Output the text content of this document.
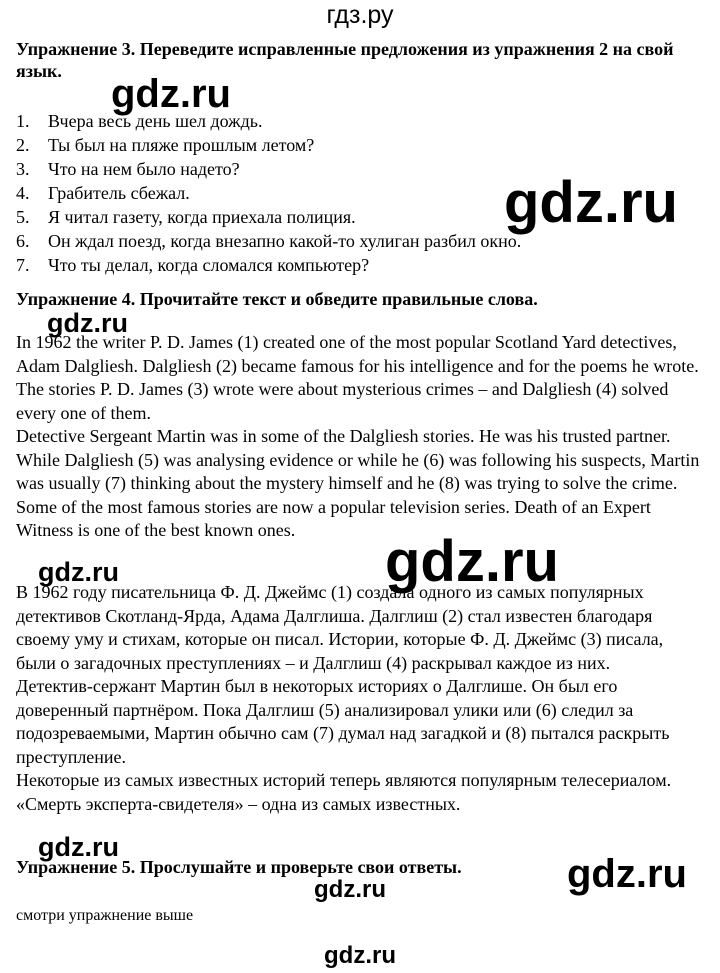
гдз.ру
Упражнение 3. Переведите исправленные предложения из упражнения 2 на свой язык.
1. Вчера весь день шел дождь.
2. Ты был на пляже прошлым летом?
3. Что на нем было надето?
4. Грабитель сбежал.
5. Я читал газету, когда приехала полиция.
6. Он ждал поезд, когда внезапно какой-то хулиган разбил окно.
7. Что ты делал, когда сломался компьютер?
Упражнение 4. Прочитайте текст и обведите правильные слова.
In 1962 the writer P. D. James (1) created one of the most popular Scotland Yard detectives, Adam Dalgliesh. Dalgliesh (2) became famous for his intelligence and for the poems he wrote. The stories P. D. James (3) wrote were about mysterious crimes – and Dalgliesh (4) solved every one of them.
Detective Sergeant Martin was in some of the Dalgliesh stories. He was his trusted partner. While Dalgliesh (5) was analysing evidence or while he (6) was following his suspects, Martin was usually (7) thinking about the mystery himself and he (8) was trying to solve the crime.
Some of the most famous stories are now a popular television series. Death of an Expert Witness is one of the best known ones.
В 1962 году писательница Ф. Д. Джеймс (1) создала одного из самых популярных детективов Скотланд-Ярда, Адама Далглиша. Далглиш (2) стал известен благодаря своему уму и стихам, которые он писал. Истории, которые Ф. Д. Джеймс (3) писала, были о загадочных преступлениях – и Далглиш (4) раскрывал каждое из них.
Детектив-сержант Мартин был в некоторых историях о Далглише. Он был его доверенный партнёром. Пока Далглиш (5) анализировал улики или (6) следил за подозреваемыми, Мартин обычно сам (7) думал над загадкой и (8) пытался раскрыть преступление.
Некоторые из самых известных историй теперь являются популярным телесериалом. «Смерть эксперта-свидетеля» – одна из самых известных.
Упражнение 5. Прослушайте и проверьте свои ответы.
смотри упражнение выше
gdz.ru
gdz.ru
gdz.ru
gdz.ru
gdz.ru
gdz.ru
gdz.ru
gdz.ru
gdz.ru
